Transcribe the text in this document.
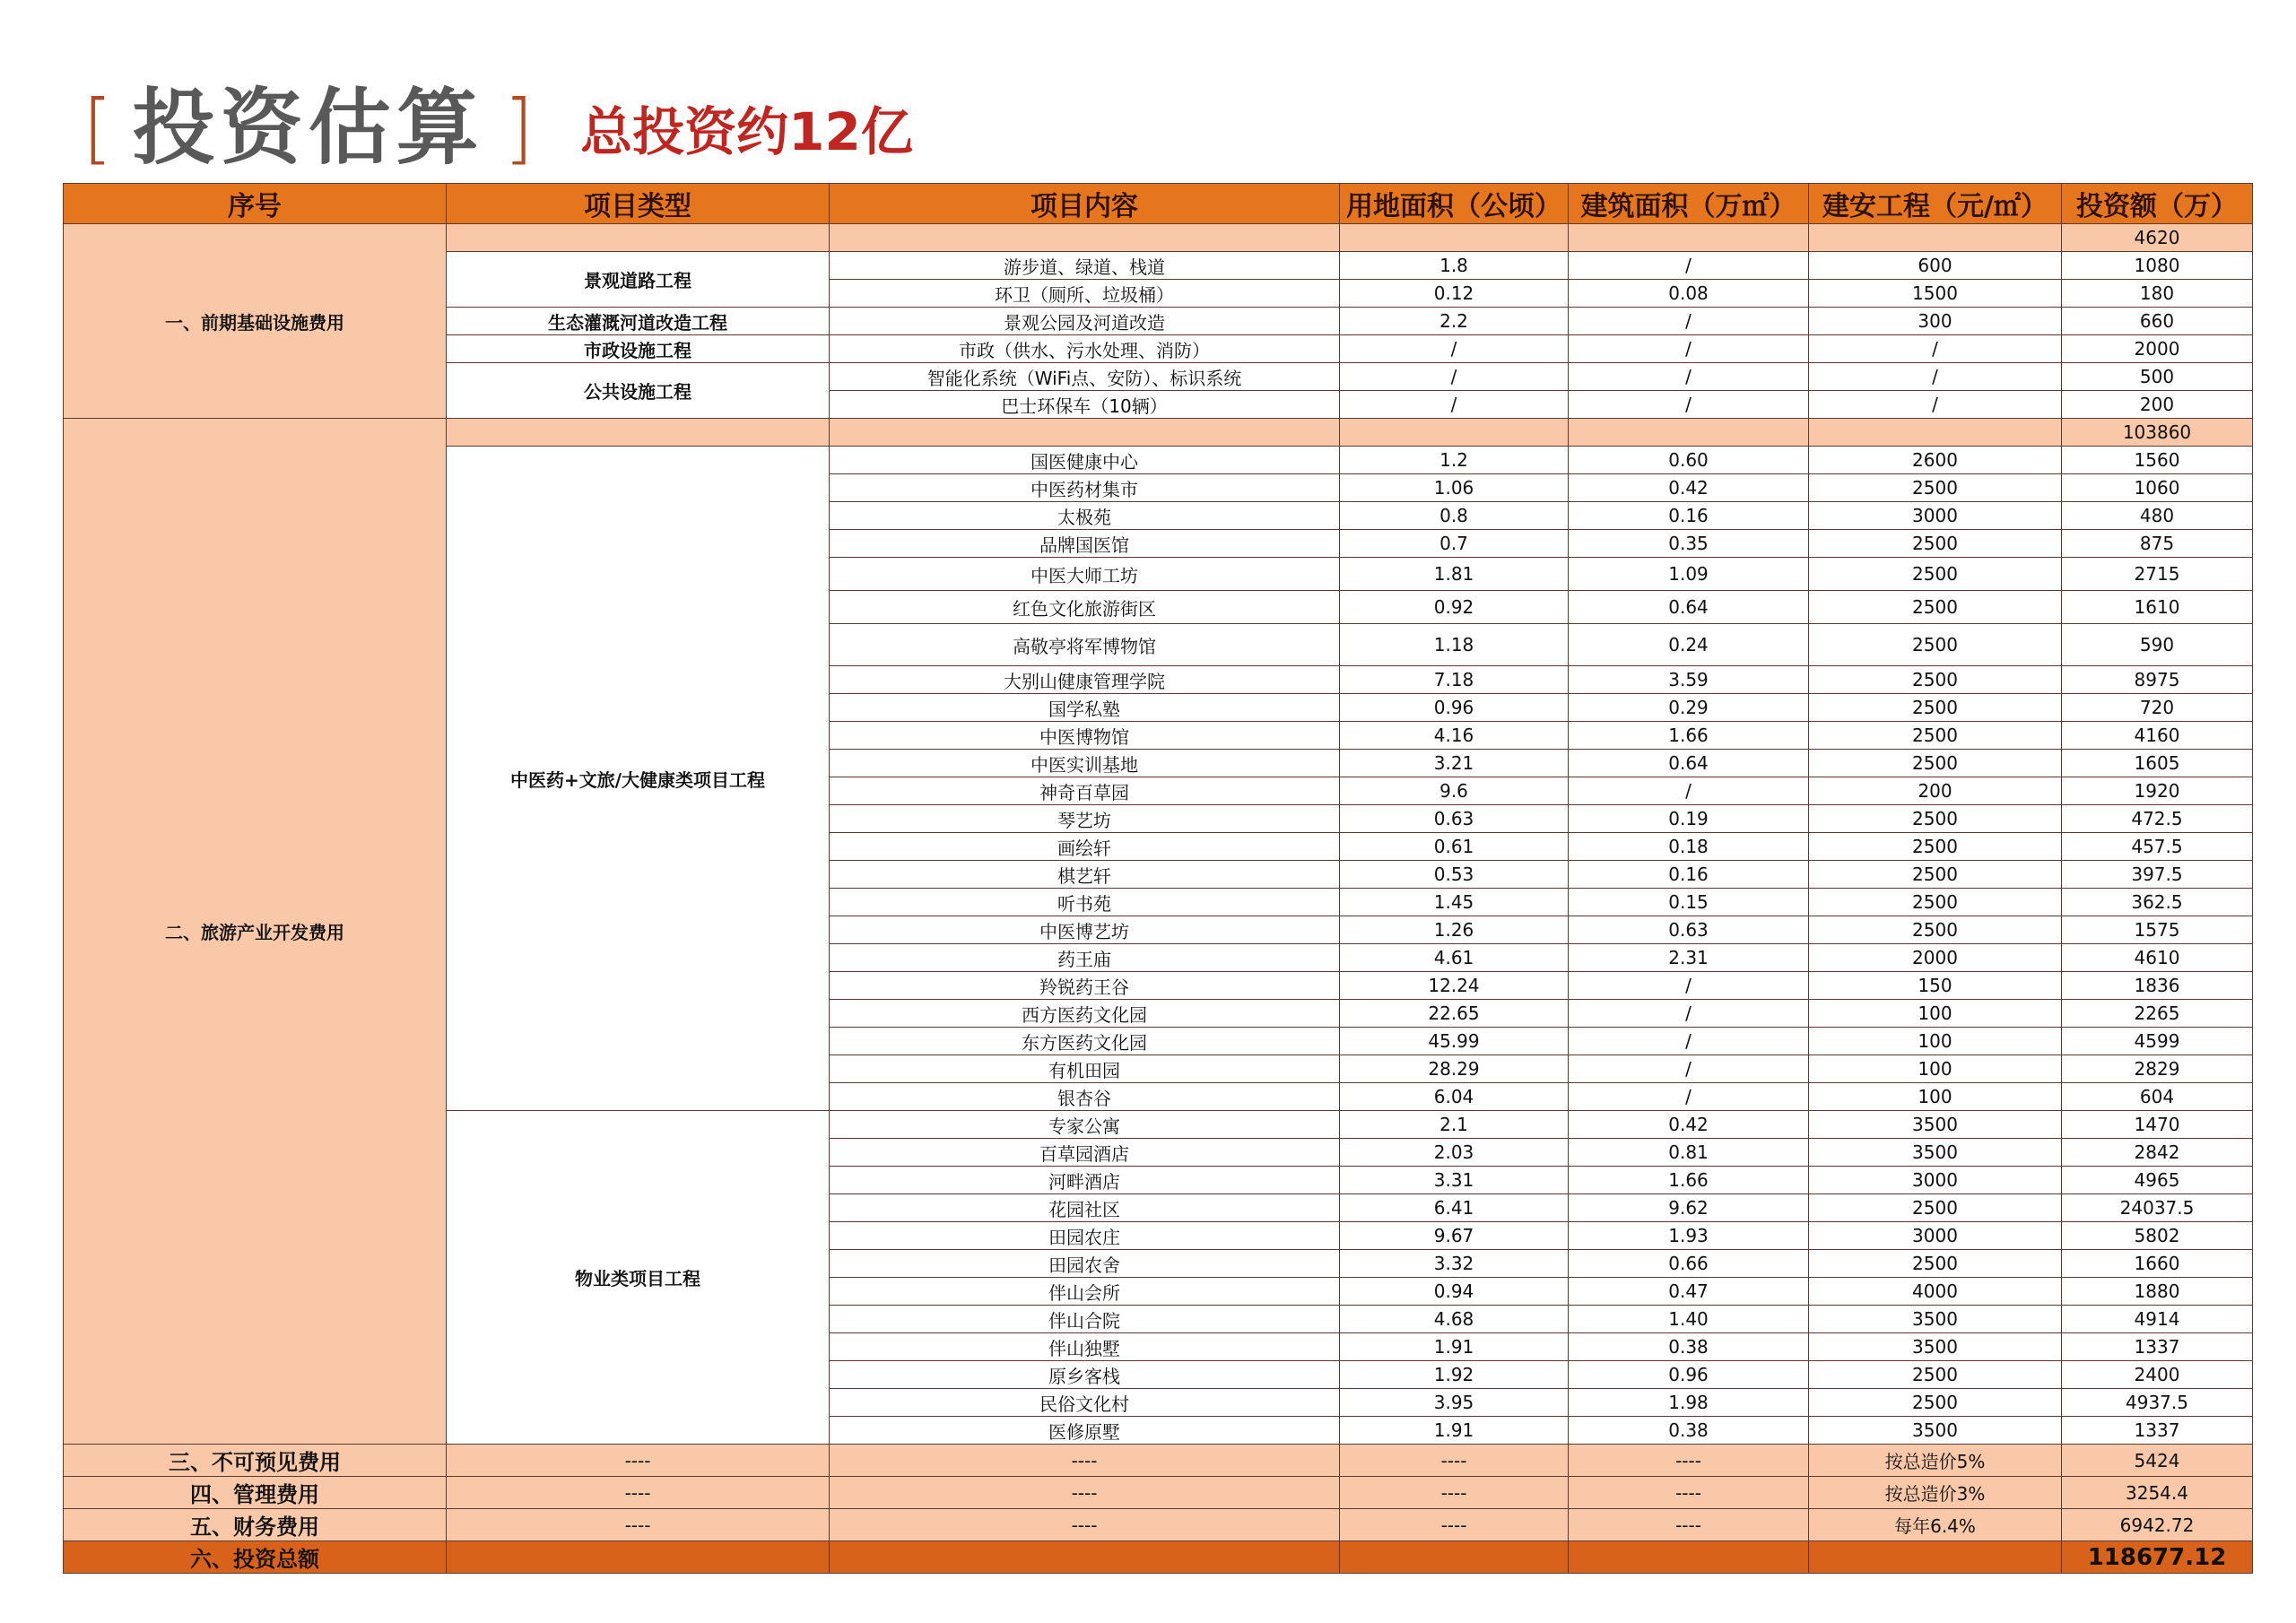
[ 投资估算 ] 总投资约12亿
序号	项目类型	项目内容	用地面积（公顷）	建筑面积（万㎡）	建安工程（元/㎡）	投资额（万）
一、前期基础设施费用						4620
	景观道路工程	游步道、绿道、栈道	1.8	/	600	1080
		环卫（厕所、垃圾桶）	0.12	0.08	1500	180
	生态灌溉河道改造工程	景观公园及河道改造	2.2	/	300	660
	市政设施工程	市政（供水、污水处理、消防）	/	/	/	2000
	公共设施工程	智能化系统（WiFi点、安防）、标识系统	/	/	/	500
		巴士环保车（10辆）	/	/	/	200
二、旅游产业开发费用						103860
	中医药+文旅/大健康类项目工程	国医健康中心	1.2	0.60	2600	1560
		中医药材集市	1.06	0.42	2500	1060
		太极苑	0.8	0.16	3000	480
		品牌国医馆	0.7	0.35	2500	875
		中医大师工坊	1.81	1.09	2500	2715
		红色文化旅游街区	0.92	0.64	2500	1610
		高敬亭将军博物馆	1.18	0.24	2500	590
		大别山健康管理学院	7.18	3.59	2500	8975
		国学私塾	0.96	0.29	2500	720
		中医博物馆	4.16	1.66	2500	4160
		中医实训基地	3.21	0.64	2500	1605
		神奇百草园	9.6	/	200	1920
		琴艺坊	0.63	0.19	2500	472.5
		画绘轩	0.61	0.18	2500	457.5
		棋艺轩	0.53	0.16	2500	397.5
		听书苑	1.45	0.15	2500	362.5
		中医博艺坊	1.26	0.63	2500	1575
		药王庙	4.61	2.31	2000	4610
		羚锐药王谷	12.24	/	150	1836
		西方医药文化园	22.65	/	100	2265
		东方医药文化园	45.99	/	100	4599
		有机田园	28.29	/	100	2829
		银杏谷	6.04	/	100	604
	物业类项目工程	专家公寓	2.1	0.42	3500	1470
		百草园酒店	2.03	0.81	3500	2842
		河畔酒店	3.31	1.66	3000	4965
		花园社区	6.41	9.62	2500	24037.5
		田园农庄	9.67	1.93	3000	5802
		田园农舍	3.32	0.66	2500	1660
		伴山会所	0.94	0.47	4000	1880
		伴山合院	4.68	1.40	3500	4914
		伴山独墅	1.91	0.38	3500	1337
		原乡客栈	1.92	0.96	2500	2400
		民俗文化村	3.95	1.98	2500	4937.5
		医修原墅	1.91	0.38	3500	1337
三、不可预见费用	----	----	----	----	按总造价5%	5424
四、管理费用	----	----	----	----	按总造价3%	3254.4
五、财务费用	----	----	----	----	每年6.4%	6942.72
六、投资总额						118677.12
